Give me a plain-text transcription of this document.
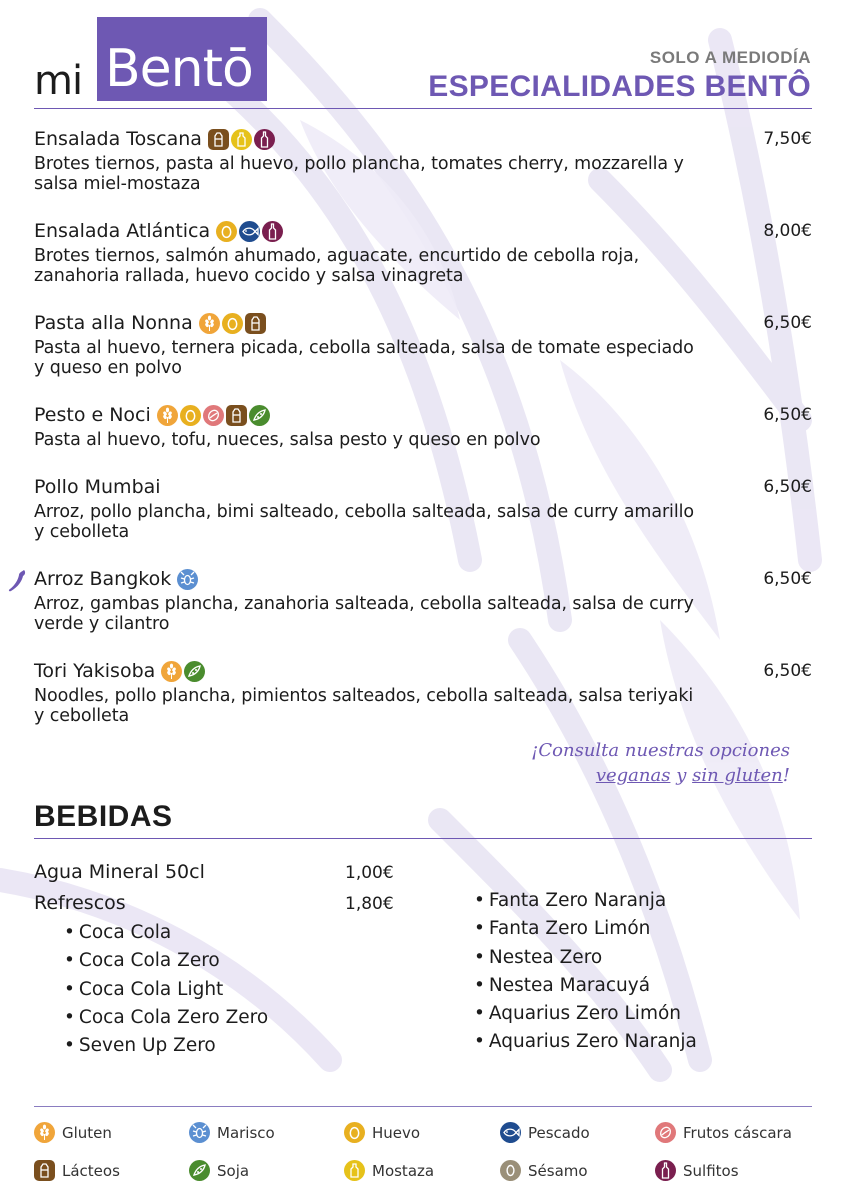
mi Bentō	SOLO A MEDIODÍA
ESPECIALIDADES BENTÔ
Ensalada Toscana	7,50€
Brotes tiernos, pasta al huevo, pollo plancha, tomates cherry, mozzarella y
salsa miel-mostaza
Ensalada Atlántica	8,00€
Brotes tiernos, salmón ahumado, aguacate, encurtido de cebolla roja,
zanahoria rallada, huevo cocido y salsa vinagreta
Pasta alla Nonna	6,50€
Pasta al huevo, ternera picada, cebolla salteada, salsa de tomate especiado
y queso en polvo
Pesto e Noci	6,50€
Pasta al huevo, tofu, nueces, salsa pesto y queso en polvo
Pollo Mumbai	6,50€
Arroz, pollo plancha, bimi salteado, cebolla salteada, salsa de curry amarillo
y cebolleta
Arroz Bangkok	6,50€
Arroz, gambas plancha, zanahoria salteada, cebolla salteada, salsa de curry
verde y cilantro
Tori Yakisoba	6,50€
Noodles, pollo plancha, pimientos salteados, cebolla salteada, salsa teriyaki
y cebolleta
¡Consulta nuestras opciones
veganas y sin gluten!
BEBIDAS
Agua Mineral 50cl	1,00€
Refrescos	1,80€
• Coca Cola
• Coca Cola Zero
• Coca Cola Light
• Coca Cola Zero Zero
• Seven Up Zero
• Fanta Zero Naranja
• Fanta Zero Limón
• Nestea Zero
• Nestea Maracuyá
• Aquarius Zero Limón
• Aquarius Zero Naranja
Gluten	Marisco	Huevo	Pescado	Frutos cáscara
Lácteos	Soja	Mostaza	Sésamo	Sulfitos
